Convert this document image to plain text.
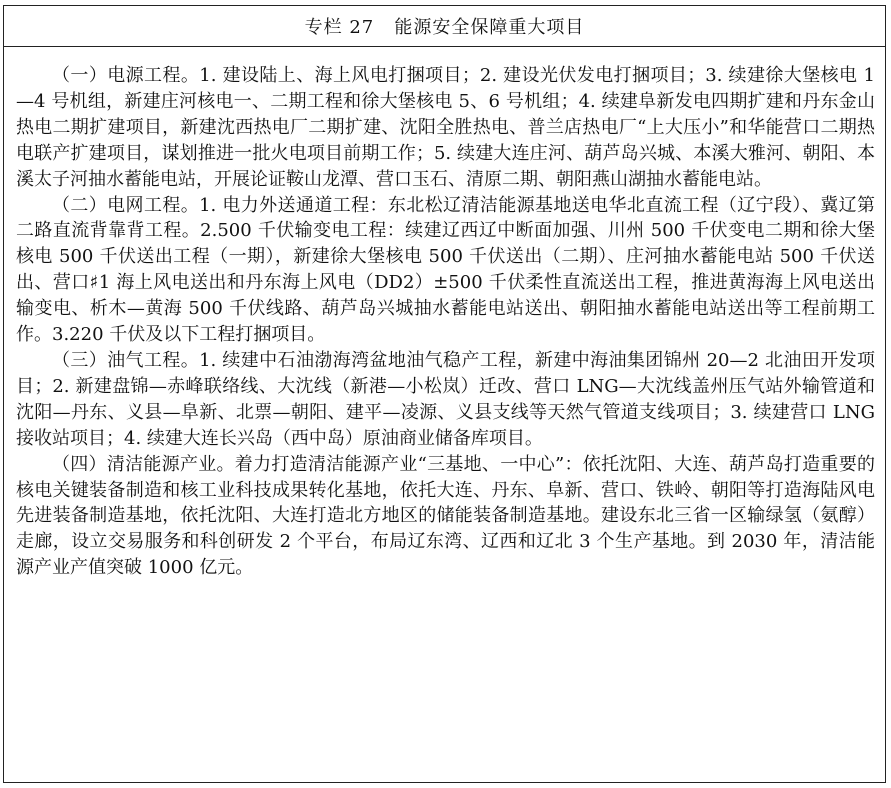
专栏 27   能源安全保障重大项目

（一）电源工程。1. 建设陆上、海上风电打捆项目；2. 建设光伏发电打捆项目；3. 续建徐大堡核电 1—4 号机组，新建庄河核电一、二期工程和徐大堡核电 5、6 号机组；4. 续建阜新发电四期扩建和丹东金山热电二期扩建项目，新建沈西热电厂二期扩建、沈阳全胜热电、普兰店热电厂“上大压小”和华能营口二期热电联产扩建项目，谋划推进一批火电项目前期工作；5. 续建大连庄河、葫芦岛兴城、本溪大雅河、朝阳、本溪太子河抽水蓄能电站，开展论证鞍山龙潭、营口玉石、清原二期、朝阳燕山湖抽水蓄能电站。

（二）电网工程。1. 电力外送通道工程：东北松辽清洁能源基地送电华北直流工程（辽宁段）、冀辽第二路直流背靠背工程。2.500 千伏输变电工程：续建辽西辽中断面加强、川州 500 千伏变电二期和徐大堡核电 500 千伏送出工程（一期），新建徐大堡核电 500 千伏送出（二期）、庄河抽水蓄能电站 500 千伏送出、营口♯1 海上风电送出和丹东海上风电（DD2）±500 千伏柔性直流送出工程，推进黄海海上风电送出输变电、析木—黄海 500 千伏线路、葫芦岛兴城抽水蓄能电站送出、朝阳抽水蓄能电站送出等工程前期工作。3.220 千伏及以下工程打捆项目。

（三）油气工程。1. 续建中石油渤海湾盆地油气稳产工程，新建中海油集团锦州 20—2 北油田开发项目；2. 新建盘锦—赤峰联络线、大沈线（新港—小松岚）迁改、营口 LNG—大沈线盖州压气站外输管道和沈阳—丹东、义县—阜新、北票—朝阳、建平—凌源、义县支线等天然气管道支线项目；3. 续建营口 LNG 接收站项目；4. 续建大连长兴岛（西中岛）原油商业储备库项目。

（四）清洁能源产业。着力打造清洁能源产业“三基地、一中心”：依托沈阳、大连、葫芦岛打造重要的核电关键装备制造和核工业科技成果转化基地，依托大连、丹东、阜新、营口、铁岭、朝阳等打造海陆风电先进装备制造基地，依托沈阳、大连打造北方地区的储能装备制造基地。建设东北三省一区输绿氢（氨醇）走廊，设立交易服务和科创研发 2 个平台，布局辽东湾、辽西和辽北 3 个生产基地。到 2030 年，清洁能源产业产值突破 1000 亿元。
